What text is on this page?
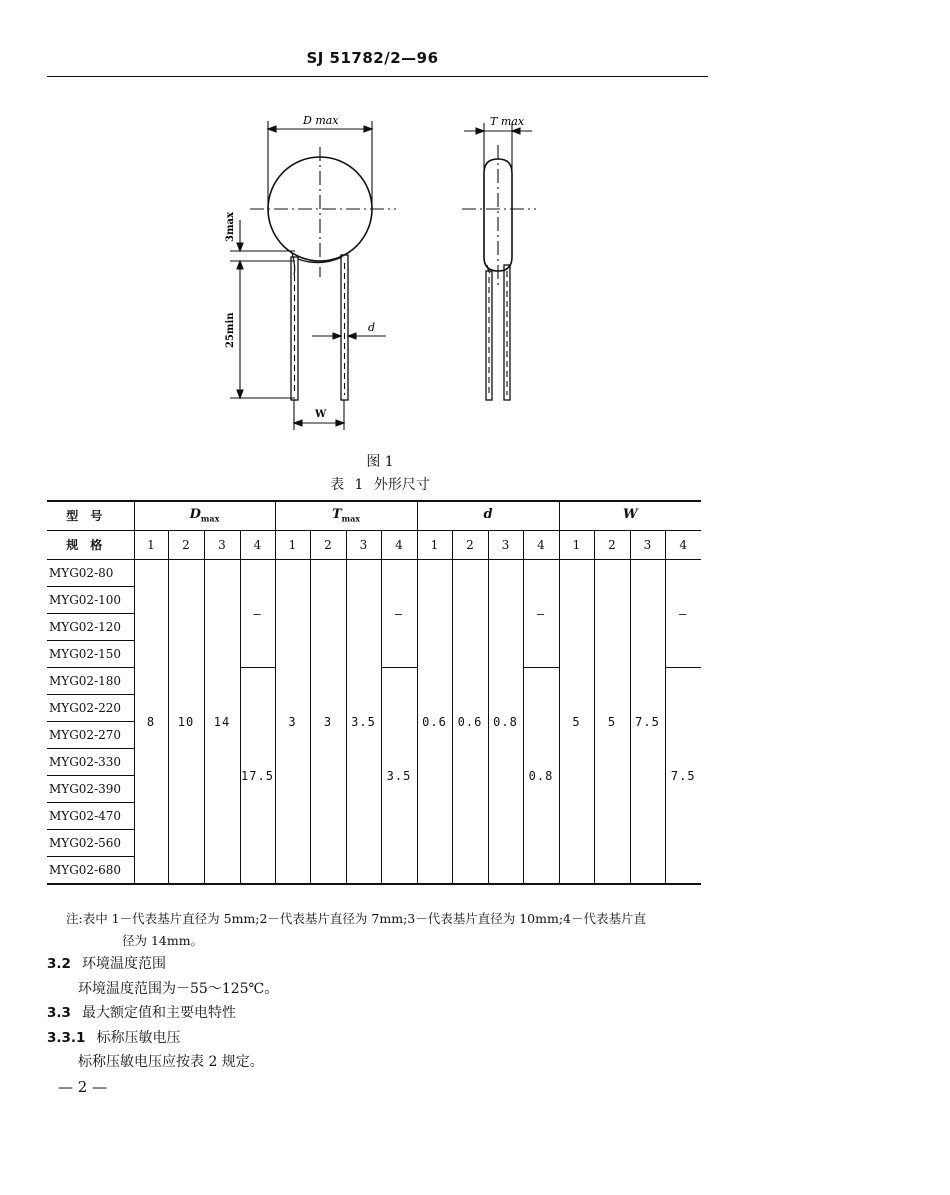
SJ 51782/2—96
D max	T max
3max
25min	d
W
图 1
表 1 外形尺寸
型号	$D_{max}$				$T_{max}$				d				W			
规格	1	2	3	4	1	2	3	4	1	2	3	4	1	2	3	4
MYG02-80	8	10	14	—	3	3	3.5	—	0.6	0.6	0.8	—	5	5	7.5	—
MYG02-100																
MYG02-120																
MYG02-150																
MYG02-180				17.5				3.5				0.8				7.5
MYG02-220																
MYG02-270																
MYG02-330																
MYG02-390																
MYG02-470																
MYG02-560																
MYG02-680																
注:表中 1－代表基片直径为 5mm;2－代表基片直径为 7mm;3－代表基片直径为 10mm;4－代表基片直
径为 14mm。
3.2 环境温度范围
环境温度范围为－55～125℃。
3.3 最大额定值和主要电特性
3.3.1 标称压敏电压
标称压敏电压应按表 2 规定。
— 2 —
